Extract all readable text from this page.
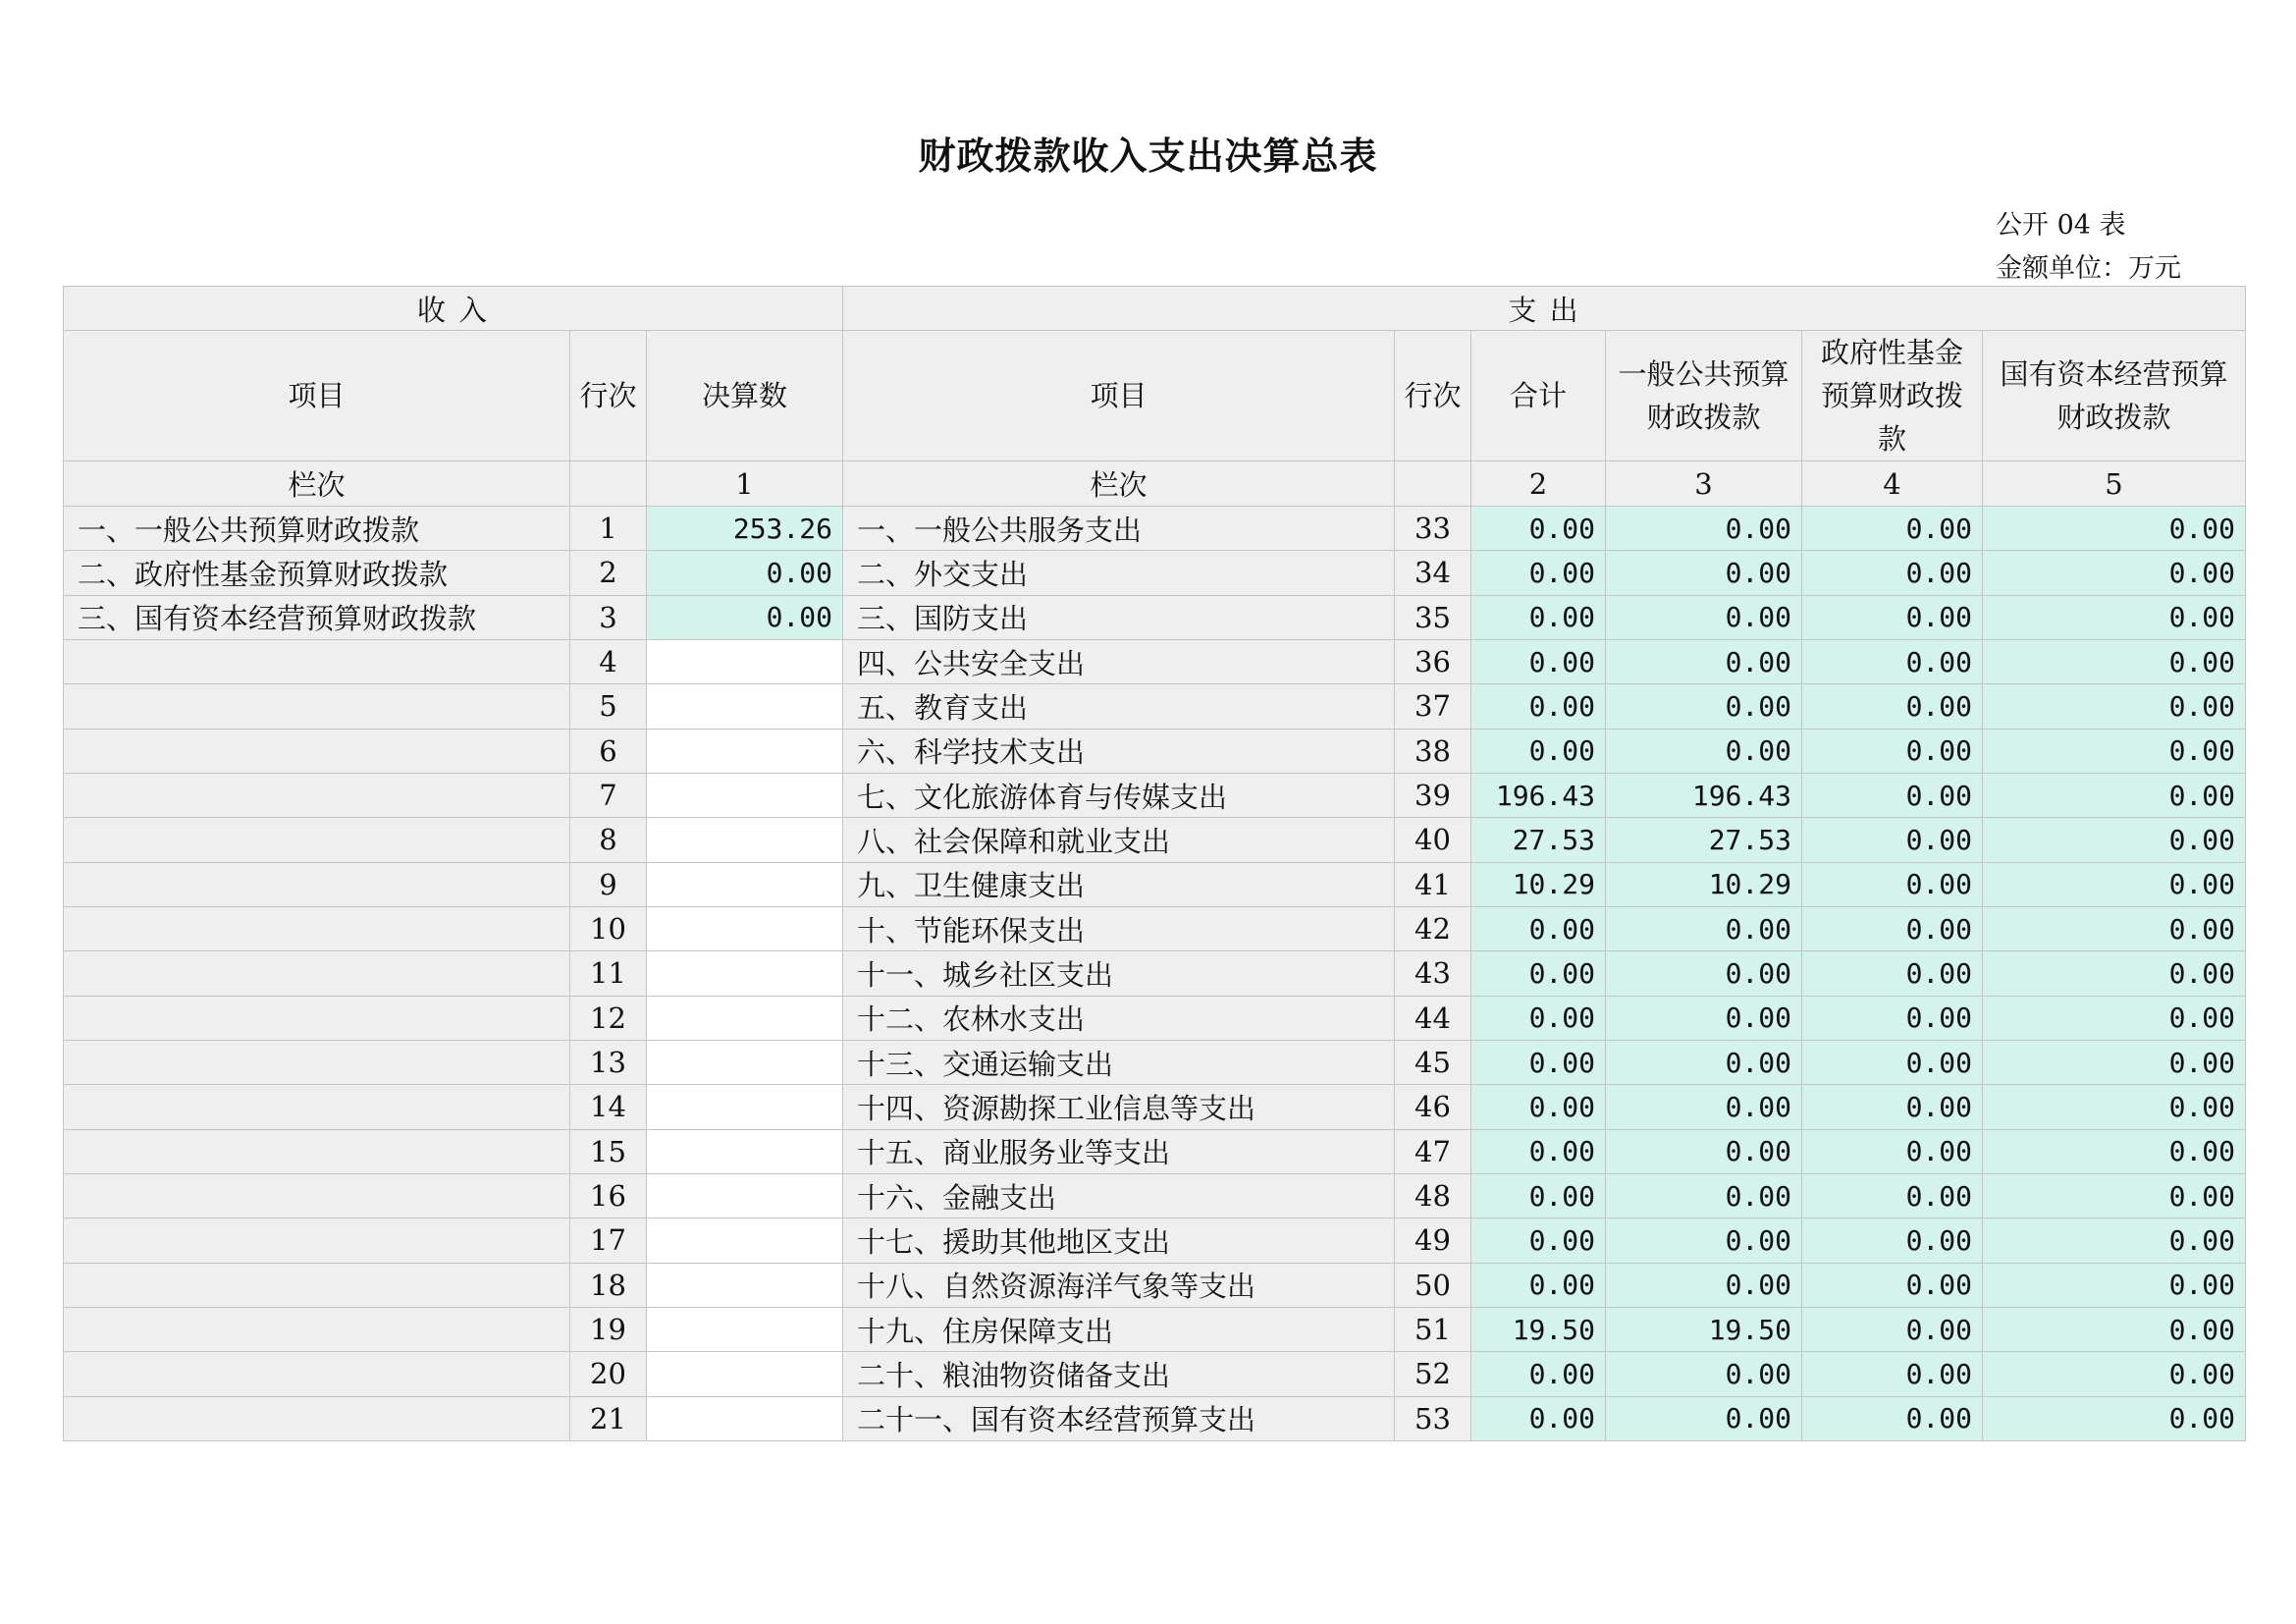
财政拨款收入支出决算总表
公开 04 表
金额单位：万元
收 入			支 出					
项目	行次	决算数	项目	行次	合计	一般公共预算财政拨款	政府性基金预算财政拨款	国有资本经营预算财政拨款
栏次		1	栏次		2	3	4	5
一、一般公共预算财政拨款	1	253.26	一、一般公共服务支出	33	0.00	0.00	0.00	0.00
二、政府性基金预算财政拨款	2	0.00	二、外交支出	34	0.00	0.00	0.00	0.00
三、国有资本经营预算财政拨款	3	0.00	三、国防支出	35	0.00	0.00	0.00	0.00
	4		四、公共安全支出	36	0.00	0.00	0.00	0.00
	5		五、教育支出	37	0.00	0.00	0.00	0.00
	6		六、科学技术支出	38	0.00	0.00	0.00	0.00
	7		七、文化旅游体育与传媒支出	39	196.43	196.43	0.00	0.00
	8		八、社会保障和就业支出	40	27.53	27.53	0.00	0.00
	9		九、卫生健康支出	41	10.29	10.29	0.00	0.00
	10		十、节能环保支出	42	0.00	0.00	0.00	0.00
	11		十一、城乡社区支出	43	0.00	0.00	0.00	0.00
	12		十二、农林水支出	44	0.00	0.00	0.00	0.00
	13		十三、交通运输支出	45	0.00	0.00	0.00	0.00
	14		十四、资源勘探工业信息等支出	46	0.00	0.00	0.00	0.00
	15		十五、商业服务业等支出	47	0.00	0.00	0.00	0.00
	16		十六、金融支出	48	0.00	0.00	0.00	0.00
	17		十七、援助其他地区支出	49	0.00	0.00	0.00	0.00
	18		十八、自然资源海洋气象等支出	50	0.00	0.00	0.00	0.00
	19		十九、住房保障支出	51	19.50	19.50	0.00	0.00
	20		二十、粮油物资储备支出	52	0.00	0.00	0.00	0.00
	21		二十一、国有资本经营预算支出	53	0.00	0.00	0.00	0.00
